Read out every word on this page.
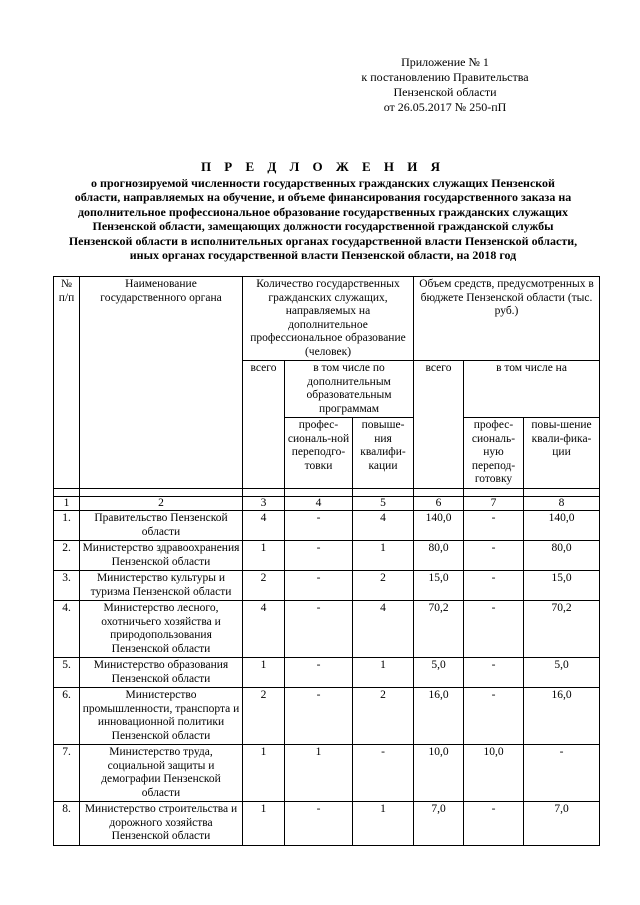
Приложение № 1
к постановлению Правительства
Пензенской области
от 26.05.2017 № 250-пП
П Р Е Д Л О Ж Е Н И Я
о прогнозируемой численности государственных гражданских служащих Пензенской области, направляемых на обучение, и объеме финансирования государственного заказа на дополнительное профессиональное образование государственных гражданских служащих Пензенской области, замещающих должности государственной гражданской службы Пензенской области в исполнительных органах государственной власти Пензенской области, иных органах государственной власти Пензенской области, на 2018 год
№ п/п	Наименование государственного органа	Количество государственных гражданских служащих, направляемых на дополнительное профессиональное образование (человек)			Объем средств, предусмотренных в бюджете Пензенской области (тыс. руб.)		
		всего	в том числе по дополнительным образовательным программам		всего	в том числе на	
			профес-сиональ-ной переподго-товки	повыше-ния квалифи-кации		профес-сиональ-ную перепод-готовку	повы-шение квали-фика-ции

1	2	3	4	5	6	7	8
1.	Правительство Пензенской области	4	-	4	140,0	-	140,0
2.	Министерство здравоохранения Пензенской области	1	-	1	80,0	-	80,0
3.	Министерство культуры и туризма Пензенской области	2	-	2	15,0	-	15,0
4.	Министерство лесного, охотничьего хозяйства и природопользования Пензенской области	4	-	4	70,2	-	70,2
5.	Министерство образования Пензенской области	1	-	1	5,0	-	5,0
6.	Министерство промышленности, транспорта и инновационной политики Пензенской области	2	-	2	16,0	-	16,0
7.	Министерство труда, социальной защиты и демографии Пензенской области	1	1	-	10,0	10,0	-
8.	Министерство строительства и дорожного хозяйства Пензенской области	1	-	1	7,0	-	7,0
